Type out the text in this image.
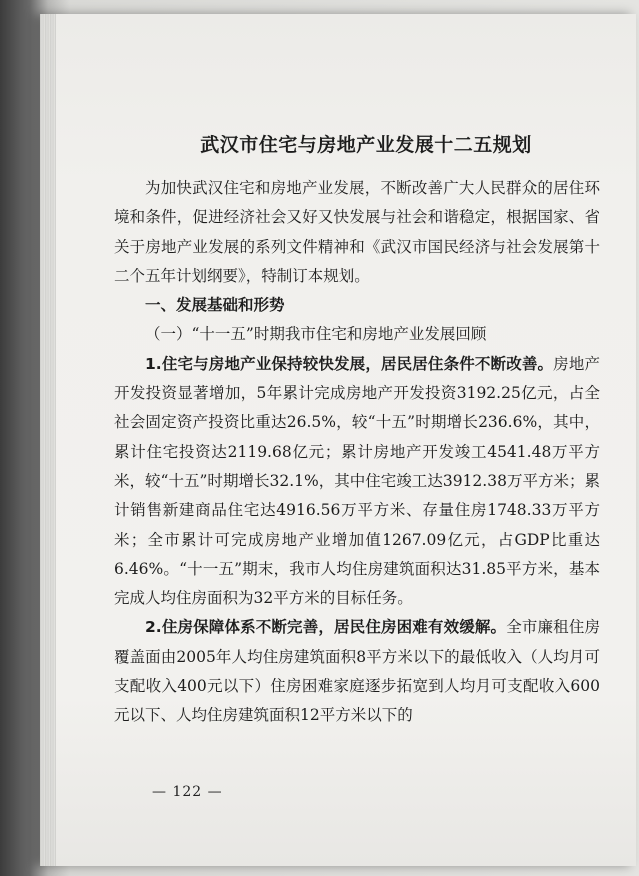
武汉市住宅与房地产业发展十二五规划

为加快武汉住宅和房地产业发展，不断改善广大人民群众的居住环境和条件，促进经济社会又好又快发展与社会和谐稳定，根据国家、省关于房地产业发展的系列文件精神和《武汉市国民经济与社会发展第十二个五年计划纲要》，特制订本规划。

一、发展基础和形势

（一）“十一五”时期我市住宅和房地产业发展回顾

1.住宅与房地产业保持较快发展，居民居住条件不断改善。房地产开发投资显著增加，5年累计完成房地产开发投资3192.25亿元，占全社会固定资产投资比重达26.5%，较“十五”时期增长236.6%，其中，累计住宅投资达2119.68亿元；累计房地产开发竣工4541.48万平方米，较“十五”时期增长32.1%，其中住宅竣工达3912.38万平方米；累计销售新建商品住宅达4916.56万平方米、存量住房1748.33万平方米；全市累计可完成房地产业增加值1267.09亿元，占GDP比重达6.46%。“十一五”期末，我市人均住房建筑面积达31.85平方米，基本完成人均住房面积为32平方米的目标任务。

2.住房保障体系不断完善，居民住房困难有效缓解。全市廉租住房覆盖面由2005年人均住房建筑面积8平方米以下的最低收入（人均月可支配收入400元以下）住房困难家庭逐步拓宽到人均月可支配收入600元以下、人均住房建筑面积12平方米以下的

— 122 —
